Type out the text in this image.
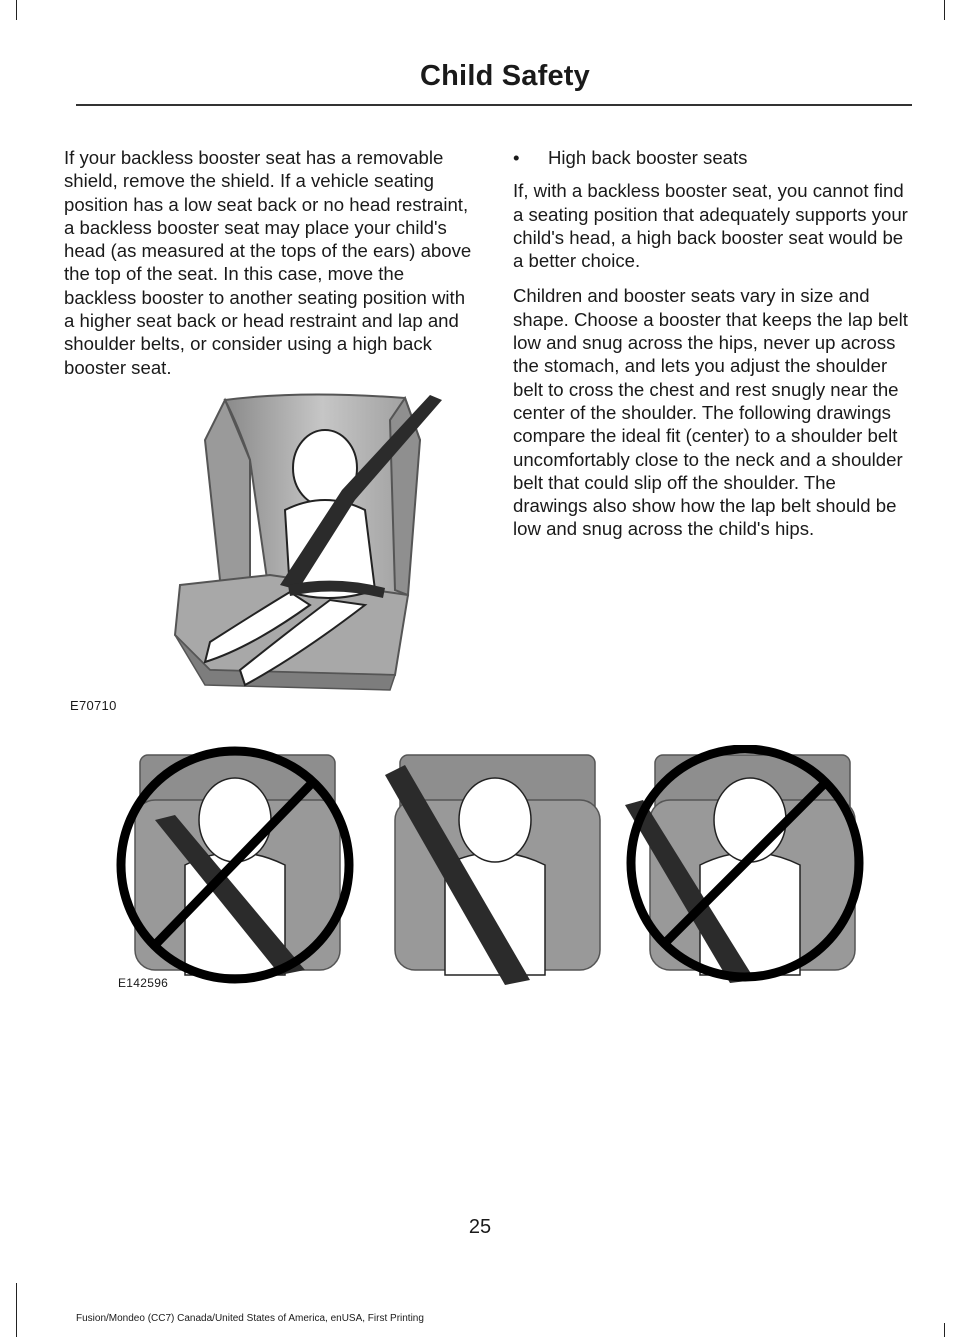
Child Safety

If your backless booster seat has a removable shield, remove the shield. If a vehicle seating position has a low seat back or no head restraint, a backless booster seat may place your child's head (as measured at the tops of the ears) above the top of the seat. In this case, move the backless booster to another seating position with a higher seat back or head restraint and lap and shoulder belts, or consider using a high back booster seat.

•	High back booster seats

If, with a backless booster seat, you cannot find a seating position that adequately supports your child's head, a high back booster seat would be a better choice.

Children and booster seats vary in size and shape. Choose a booster that keeps the lap belt low and snug across the hips, never up across the stomach, and lets you adjust the shoulder belt to cross the chest and rest snugly near the center of the shoulder. The following drawings compare the ideal fit (center) to a shoulder belt uncomfortably close to the neck and a shoulder belt that could slip off the shoulder. The drawings also show how the lap belt should be low and snug across the child's hips.

E70710
E142596
25
Fusion/Mondeo (CC7) Canada/United States of America, enUSA, First Printing
